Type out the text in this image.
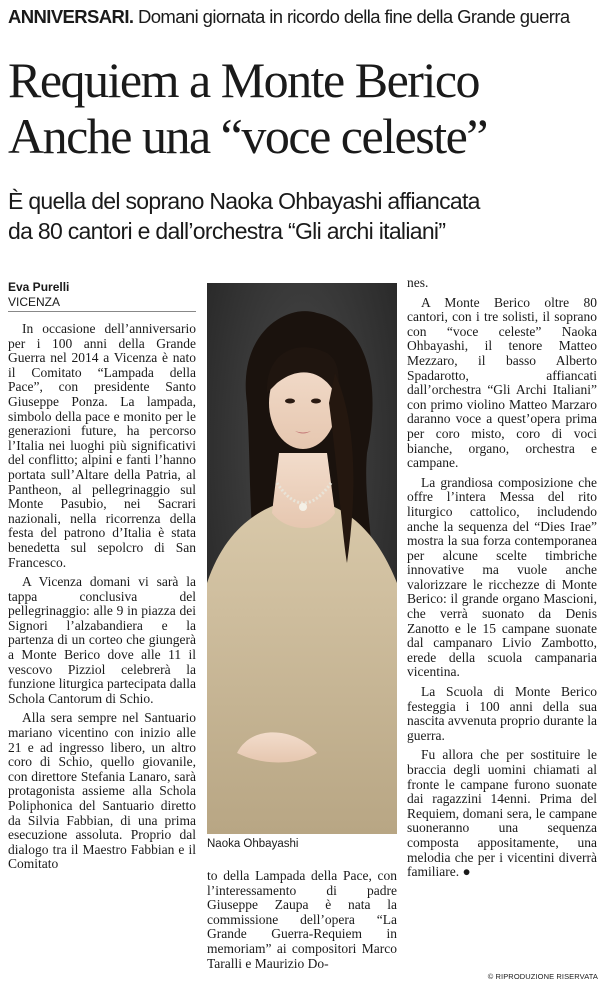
ANNIVERSARI. Domani giornata in ricordo della fine della Grande guerra
Requiem a Monte Berico
Anche una “voce celeste”
È quella del soprano Naoka Ohbayashi affiancata
da 80 cantori e dall’orchestra “Gli archi italiani”
Eva Purelli
VICENZA

In occasione dell’anniversario per i 100 anni della Grande Guerra nel 2014 a Vicenza è nato il Comitato “Lampada della Pace”, con presidente Santo Giuseppe Ponza. La lampada, simbolo della pace e monito per le generazioni future, ha percorso l’Italia nei luoghi più significativi del conflitto; alpini e fanti l’hanno portata sull’Altare della Patria, al Pantheon, al pellegrinaggio sul Monte Pasubio, nei Sacrari nazionali, nella ricorrenza della festa del patrono d’Italia è stata benedetta sul sepolcro di San Francesco.

A Vicenza domani vi sarà la tappa conclusiva del pellegrinaggio: alle 9 in piazza dei Signori l’alzabandiera e la partenza di un corteo che giungerà a Monte Berico dove alle 11 il vescovo Pizziol celebrerà la funzione liturgica partecipata dalla Schola Cantorum di Schio.

Alla sera sempre nel Santuario mariano vicentino con inizio alle 21 e ad ingresso libero, un altro coro di Schio, quello giovanile, con direttore Stefania Lanaro, sarà protagonista assieme alla Schola Poliphonica del Santuario diretto da Silvia Fabbian, di una prima esecuzione assoluta. Proprio dal dialogo tra il Maestro Fabbian e il Comitato

Naoka Ohbayashi

to della Lampada della Pace, con l’interessamento di padre Giuseppe Zaupa è nata la commissione dell’opera “La Grande Guerra-Requiem in memoriam” ai compositori Marco Taralli e Maurizio Do-

nes.

A Monte Berico oltre 80 cantori, con i tre solisti, il soprano con “voce celeste” Naoka Ohbayashi, il tenore Matteo Mezzaro, il basso Alberto Spadarotto, affiancati dall’orchestra “Gli Archi Italiani” con primo violino Matteo Marzaro daranno voce a quest’opera prima per coro misto, coro di voci bianche, organo, orchestra e campane.

La grandiosa composizione che offre l’intera Messa del rito liturgico cattolico, includendo anche la sequenza del “Dies Irae” mostra la sua forza contemporanea per alcune scelte timbriche innovative ma vuole anche valorizzare le ricchezze di Monte Berico: il grande organo Mascioni, che verrà suonato da Denis Zanotto e le 15 campane suonate dal campanaro Livio Zambotto, erede della scuola campanaria vicentina.

La Scuola di Monte Berico festeggia i 100 anni della sua nascita avvenuta proprio durante la guerra.

Fu allora che per sostituire le braccia degli uomini chiamati al fronte le campane furono suonate dai ragazzini 14enni. Prima del Requiem, domani sera, le campane suoneranno una sequenza composta appositamente, una melodia che per i vicentini diverrà familiare. ●

© RIPRODUZIONE RISERVATA
